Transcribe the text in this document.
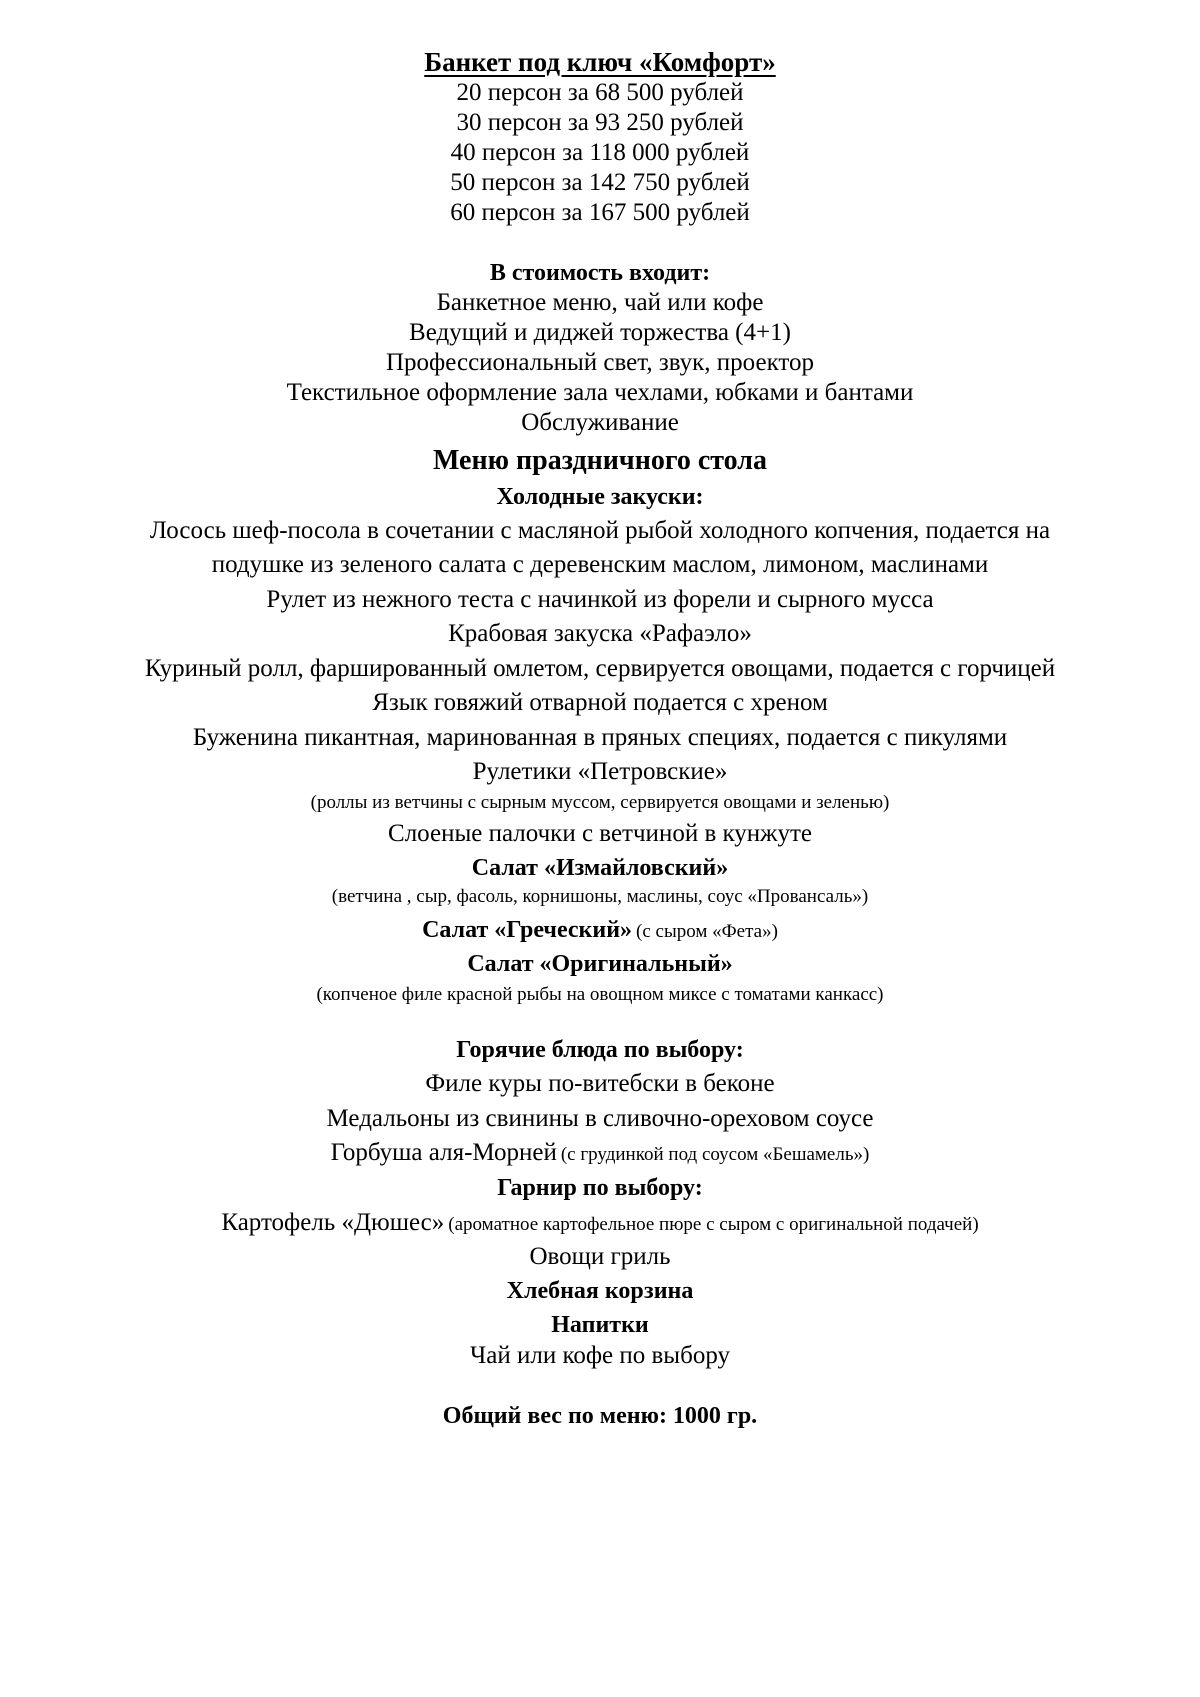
Банкет под ключ «Комфорт»
20 персон за 68 500 рублей
30 персон за 93 250 рублей
40 персон за 118 000 рублей
50 персон за 142 750 рублей
60 персон за 167 500 рублей
В стоимость входит:
Банкетное меню, чай или кофе
Ведущий и диджей торжества (4+1)
Профессиональный свет, звук, проектор
Текстильное оформление зала чехлами, юбками и бантами
Обслуживание
Меню праздничного стола
Холодные закуски:
Лосось шеф-посола в сочетании с масляной рыбой холодного копчения, подается на
подушке из зеленого салата с деревенским маслом, лимоном, маслинами
Рулет из нежного теста с начинкой из форели и сырного мусса
Крабовая закуска «Рафаэло»
Куриный ролл, фаршированный омлетом, сервируется овощами, подается с горчицей
Язык говяжий отварной подается с хреном
Буженина пикантная, маринованная в пряных специях, подается с пикулями
Рулетики «Петровские»
(роллы из ветчины с сырным муссом, сервируется овощами и зеленью)
Слоеные палочки с ветчиной в кунжуте
Салат «Измайловский»
(ветчина , сыр, фасоль, корнишоны, маслины, соус «Провансаль»)
Салат «Греческий» (с сыром «Фета»)
Салат «Оригинальный»
(копченое филе красной рыбы на овощном миксе с томатами канкасс)
Горячие блюда по выбору:
Филе куры по-витебски в беконе
Медальоны из свинины в сливочно-ореховом соусе
Горбуша аля-Морней (с грудинкой под соусом «Бешамель»)
Гарнир по выбору:
Картофель «Дюшес» (ароматное картофельное пюре с сыром с оригинальной подачей)
Овощи гриль
Хлебная корзина
Напитки
Чай или кофе по выбору
Общий вес по меню: 1000 гр.
